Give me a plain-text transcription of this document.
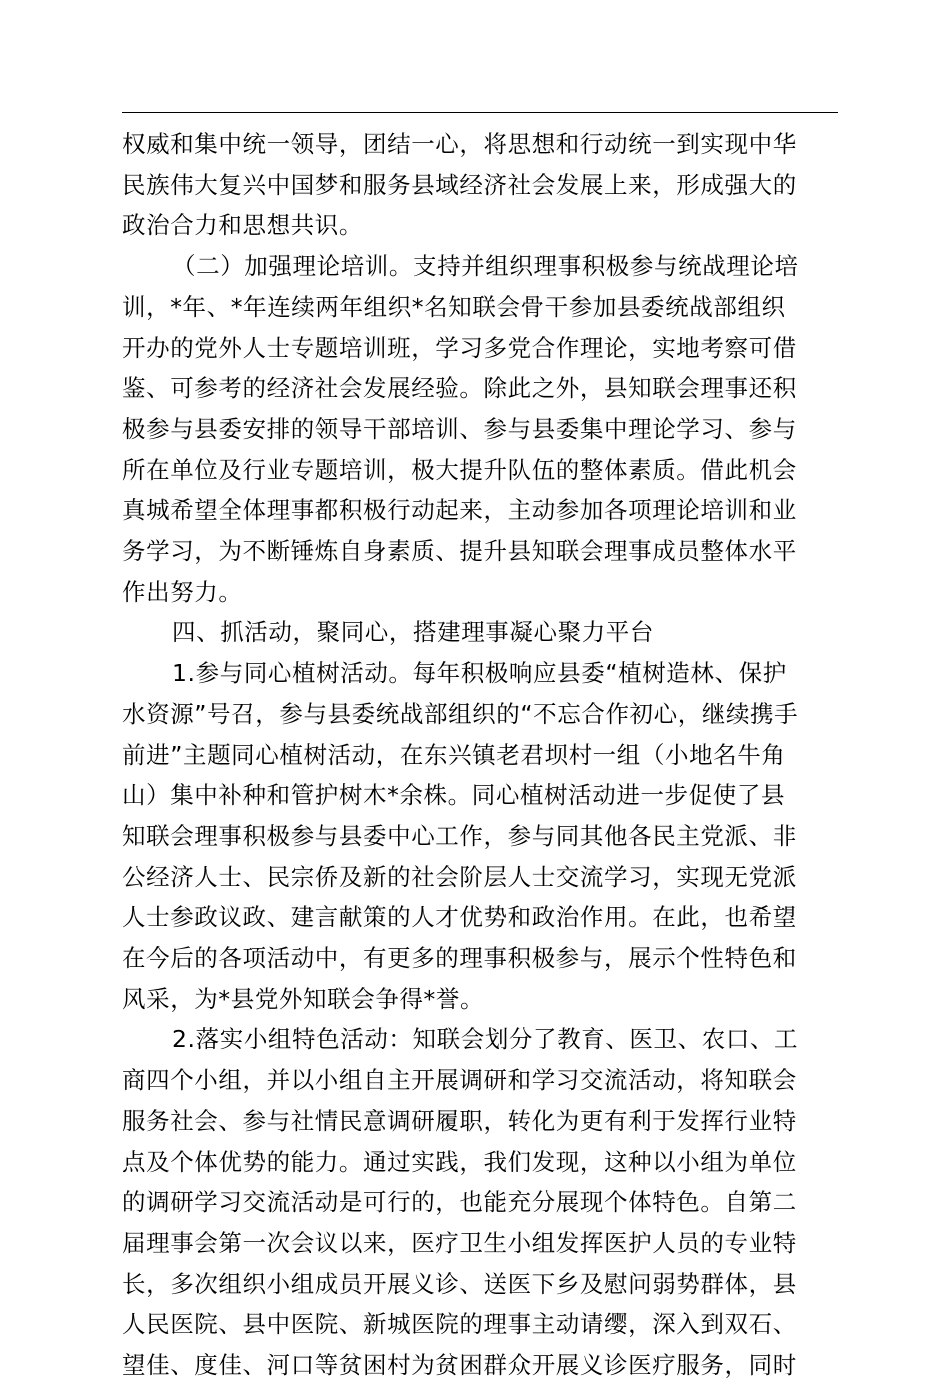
权威和集中统一领导，团结一心，将思想和行动统一到实现中华

民族伟大复兴中国梦和服务县域经济社会发展上来，形成强大的

政治合力和思想共识。

（二）加强理论培训。支持并组织理事积极参与统战理论培

训，*年、*年连续两年组织*名知联会骨干参加县委统战部组织

开办的党外人士专题培训班，学习多党合作理论，实地考察可借

鉴、可参考的经济社会发展经验。除此之外，县知联会理事还积

极参与县委安排的领导干部培训、参与县委集中理论学习、参与

所在单位及行业专题培训，极大提升队伍的整体素质。借此机会

真城希望全体理事都积极行动起来，主动参加各项理论培训和业

务学习，为不断锤炼自身素质、提升县知联会理事成员整体水平

作出努力。

四、抓活动，聚同心，搭建理事凝心聚力平台

1.参与同心植树活动。每年积极响应县委“植树造林、保护

水资源”号召，参与县委统战部组织的“不忘合作初心，继续携手

前进”主题同心植树活动，在东兴镇老君坝村一组（小地名牛角

山）集中补种和管护树木*余株。同心植树活动进一步促使了县

知联会理事积极参与县委中心工作，参与同其他各民主党派、非

公经济人士、民宗侨及新的社会阶层人士交流学习，实现无党派

人士参政议政、建言献策的人才优势和政治作用。在此，也希望

在今后的各项活动中，有更多的理事积极参与，展示个性特色和

风采，为*县党外知联会争得*誉。

2.落实小组特色活动：知联会划分了教育、医卫、农口、工

商四个小组，并以小组自主开展调研和学习交流活动，将知联会

服务社会、参与社情民意调研履职，转化为更有利于发挥行业特

点及个体优势的能力。通过实践，我们发现，这种以小组为单位

的调研学习交流活动是可行的，也能充分展现个体特色。自第二

届理事会第一次会议以来，医疗卫生小组发挥医护人员的专业特

长，多次组织小组成员开展义诊、送医下乡及慰问弱势群体，县

人民医院、县中医院、新城医院的理事主动请缨，深入到双石、

望佳、度佳、河口等贫困村为贫困群众开展义诊医疗服务，同时
